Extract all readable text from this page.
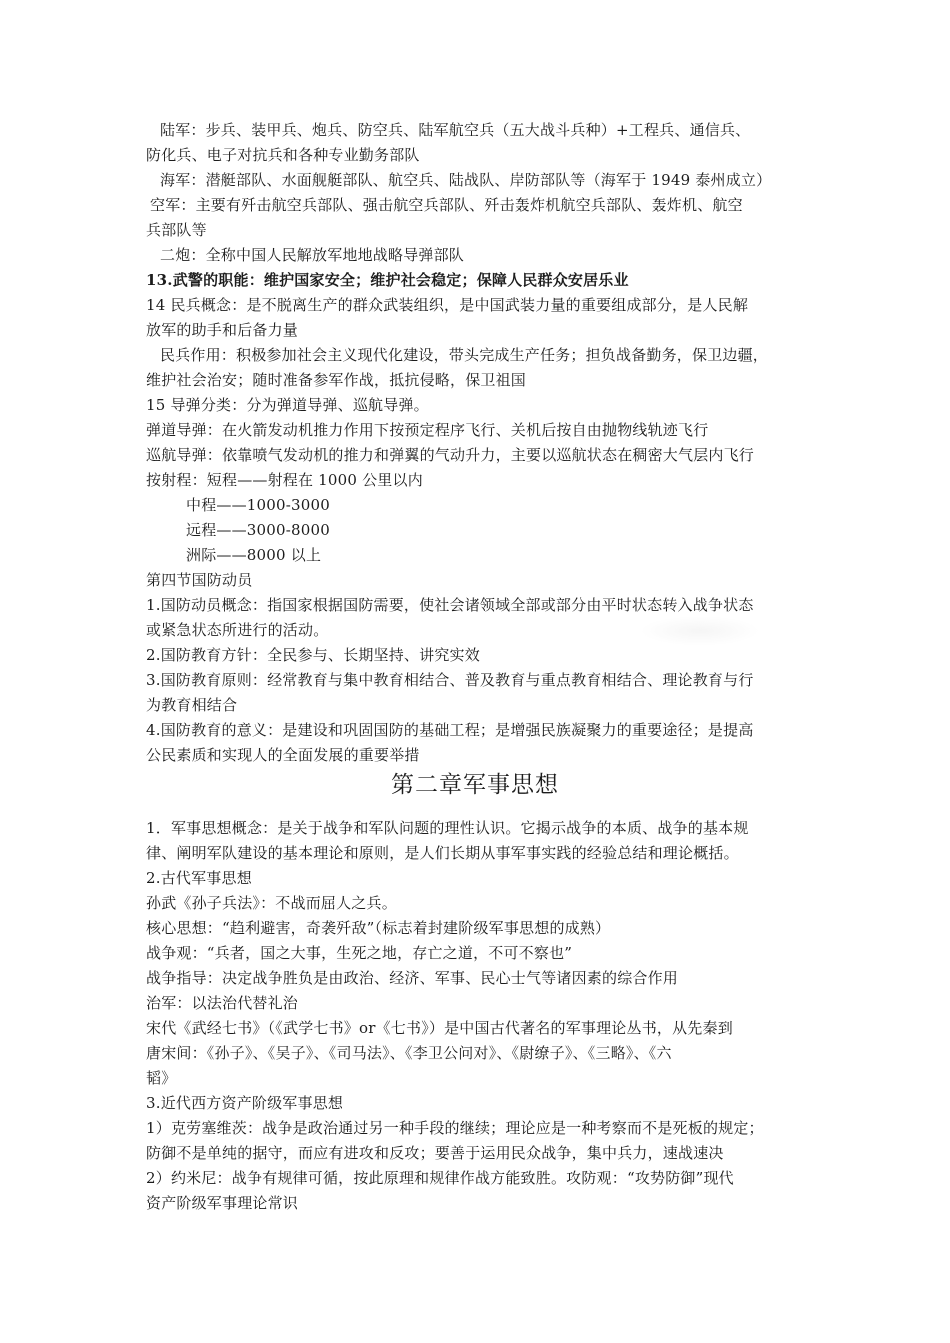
陆军：步兵、装甲兵、炮兵、防空兵、陆军航空兵（五大战斗兵种）+工程兵、通信兵、
防化兵、电子对抗兵和各种专业勤务部队
海军：潜艇部队、水面舰艇部队、航空兵、陆战队、岸防部队等（海军于 1949 泰州成立）
空军：主要有歼击航空兵部队、强击航空兵部队、歼击轰炸机航空兵部队、轰炸机、航空
兵部队等
二炮：全称中国人民解放军地地战略导弹部队
13.武警的职能：维护国家安全；维护社会稳定；保障人民群众安居乐业
14 民兵概念：是不脱离生产的群众武装组织，是中国武装力量的重要组成部分，是人民解
放军的助手和后备力量
民兵作用：积极参加社会主义现代化建设，带头完成生产任务；担负战备勤务，保卫边疆，
维护社会治安；随时准备参军作战，抵抗侵略，保卫祖国
15 导弹分类：分为弹道导弹、巡航导弹。
弹道导弹：在火箭发动机推力作用下按预定程序飞行、关机后按自由抛物线轨迹飞行
巡航导弹：依靠喷气发动机的推力和弹翼的气动升力，主要以巡航状态在稠密大气层内飞行
按射程：短程——射程在 1000 公里以内
中程——1000-3000
远程——3000-8000
洲际——8000 以上
第四节国防动员
1.国防动员概念：指国家根据国防需要，使社会诸领域全部或部分由平时状态转入战争状态
或紧急状态所进行的活动。
2.国防教育方针：全民参与、长期坚持、讲究实效
3.国防教育原则：经常教育与集中教育相结合、普及教育与重点教育相结合、理论教育与行
为教育相结合
4.国防教育的意义：是建设和巩固国防的基础工程；是增强民族凝聚力的重要途径；是提高
公民素质和实现人的全面发展的重要举措
第二章军事思想
1．军事思想概念：是关于战争和军队问题的理性认识。它揭示战争的本质、战争的基本规
律、阐明军队建设的基本理论和原则，是人们长期从事军事实践的经验总结和理论概括。
2.古代军事思想
孙武《孙子兵法》：不战而屈人之兵。
核心思想：“趋利避害，奇袭歼敌”（标志着封建阶级军事思想的成熟）
战争观：“兵者，国之大事，生死之地，存亡之道，不可不察也”
战争指导：决定战争胜负是由政治、经济、军事、民心士气等诸因素的综合作用
治军：以法治代替礼治
宋代《武经七书》（《武学七书》or《七书》）是中国古代著名的军事理论丛书，从先秦到
唐宋间：《孙子》、《吴子》、《司马法》、《李卫公问对》、《尉缭子》、《三略》、《六
韬》
3.近代西方资产阶级军事思想
1）克劳塞维茨：战争是政治通过另一种手段的继续；理论应是一种考察而不是死板的规定；
防御不是单纯的据守，而应有进攻和反攻；要善于运用民众战争，集中兵力，速战速决
2）约米尼：战争有规律可循，按此原理和规律作战方能致胜。攻防观：“攻势防御”现代
资产阶级军事理论常识
